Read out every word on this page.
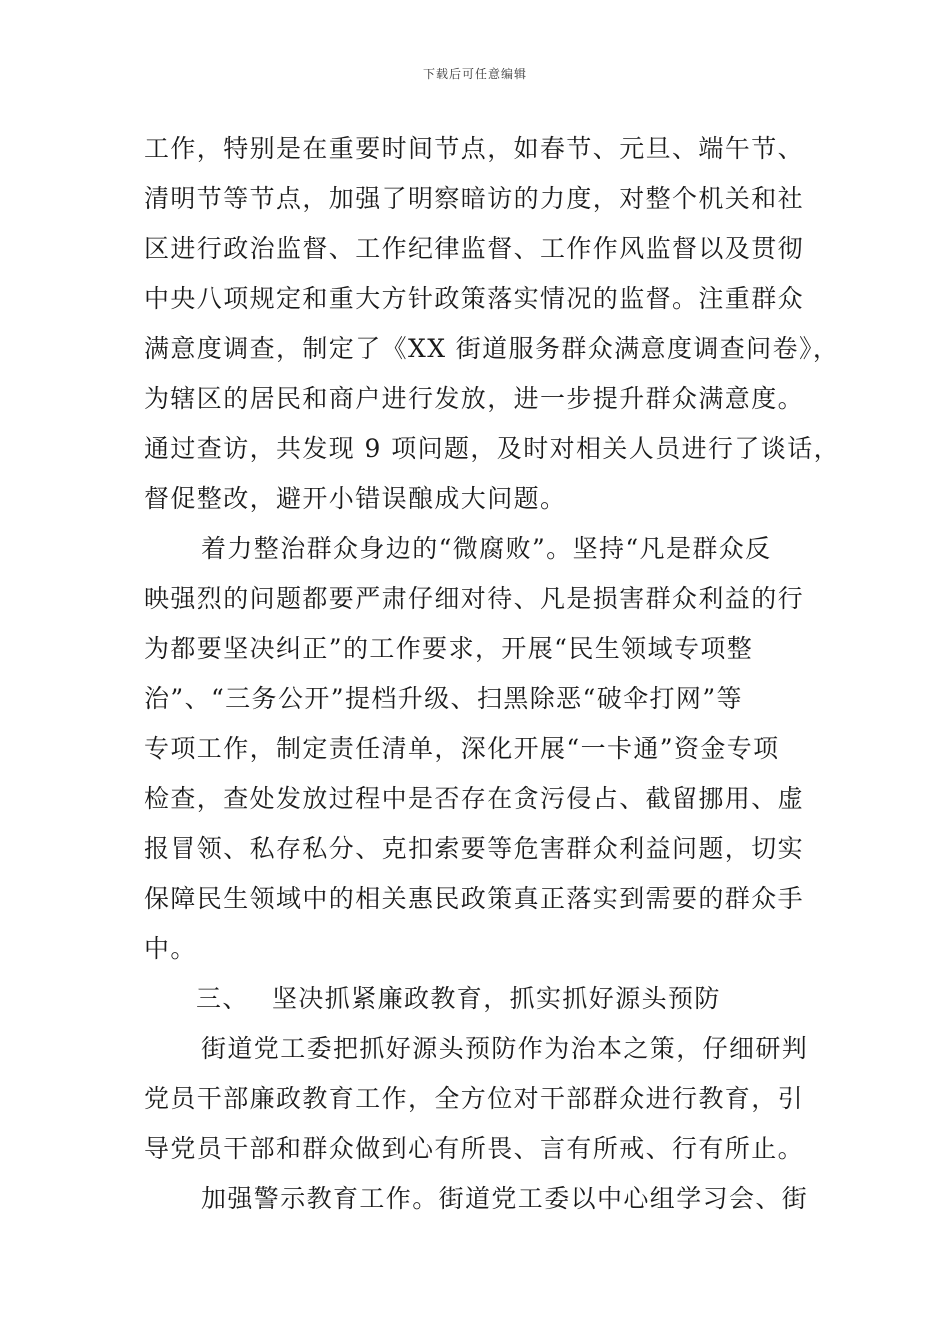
下载后可任意编辑
工作，特别是在重要时间节点，如春节、元旦、端午节、
清明节等节点，加强了明察暗访的力度，对整个机关和社
区进行政治监督、工作纪律监督、工作作风监督以及贯彻
中央八项规定和重大方针政策落实情况的监督。注重群众
满意度调查，制定了《XX 街道服务群众满意度调查问卷》，
为辖区的居民和商户进行发放，进一步提升群众满意度。
通过查访，共发现 9 项问题，及时对相关人员进行了谈话，
督促整改，避开小错误酿成大问题。
着力整治群众身边的“微腐败”。坚持“凡是群众反
映强烈的问题都要严肃仔细对待、凡是损害群众利益的行
为都要坚决纠正”的工作要求，开展“民生领域专项整
治”、“三务公开”提档升级、扫黑除恶“破伞打网”等
专项工作，制定责任清单，深化开展“一卡通”资金专项
检查，查处发放过程中是否存在贪污侵占、截留挪用、虚
报冒领、私存私分、克扣索要等危害群众利益问题，切实
保障民生领域中的相关惠民政策真正落实到需要的群众手
中。
三、 坚决抓紧廉政教育，抓实抓好源头预防
街道党工委把抓好源头预防作为治本之策，仔细研判
党员干部廉政教育工作，全方位对干部群众进行教育，引
导党员干部和群众做到心有所畏、言有所戒、行有所止。
加强警示教育工作。街道党工委以中心组学习会、街
